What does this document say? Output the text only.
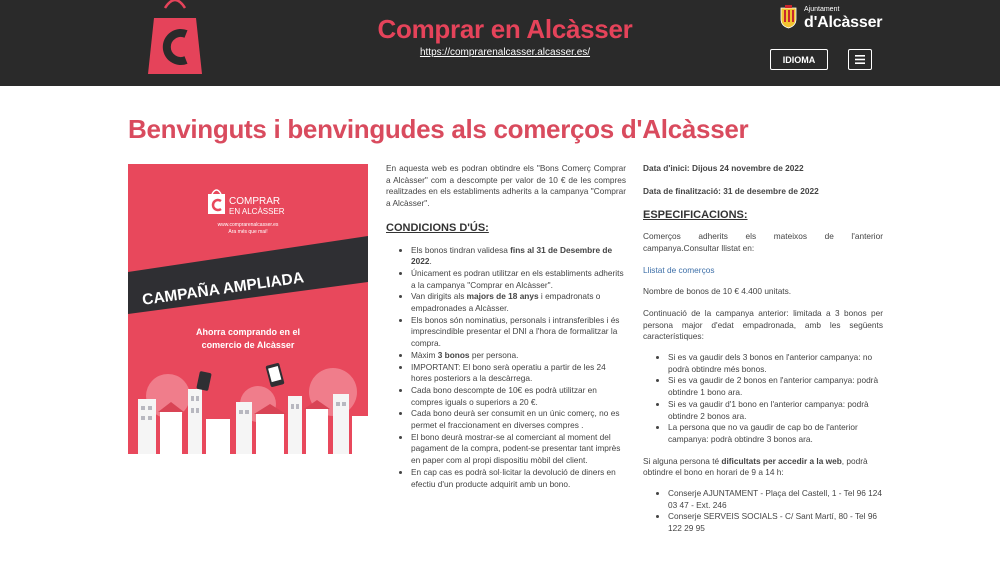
Comprar en Alcàsser
https://comprarenalcasser.alcasser.es/
Ajuntament
d'Alcàsser
IDIOMA
Benvinguts i benvingudes als comerços d'Alcàsser
COMPRAR
EN ALCÀSSER
www.comprarenalcasser.es
Ara més que mai!
CAMPAÑA AMPLIADA
Ahorra comprando en el
comercio de Alcàsser

En aquesta web es podran obtindre els "Bons Comerç Comprar a Alcàsser" com a descompte per valor de 10 € de les compres realitzades en els establiments adherits a la campanya "Comprar a Alcàsser".

CONDICIONS D'ÚS:

• Els bonos tindran validesa fins al 31 de Desembre de 2022.
• Únicament es podran utilitzar en els establiments adherits a la campanya "Comprar en Alcàsser".
• Van dirigits als majors de 18 anys i empadronats o empadronades a Alcàsser.
• Els bonos són nominatius, personals i intransferibles i és imprescindible presentar el DNI a l'hora de formalitzar la compra.
• Màxim 3 bonos per persona.
• IMPORTANT: El bono serà operatiu a partir de les 24 hores posteriors a la descàrrega.
• Cada bono descompte de 10€ es podrà utilitzar en compres iguals o superiors a 20 €.
• Cada bono deurà ser consumit en un únic comerç, no es permet el fraccionament en diverses compres .
• El bono deurà mostrar-se al comerciant al moment del pagament de la compra, podent-se presentar tant imprès en paper com al propi dispositiu mòbil del client.
• En cap cas es podrà sol·licitar la devolució de diners en efectiu d'un producte adquirit amb un bono.

Data d'inici: Dijous 24 novembre de 2022

Data de finalització: 31 de desembre de 2022

ESPECIFICACIONS:

Comerços adherits els mateixos de l'anterior campanya.Consultar llistat en:

Llistat de comerços

Nombre de bonos de 10 € 4.400 unitats.

Continuació de la campanya anterior: limitada a 3 bonos per persona major d'edat empadronada, amb les següents característiques:

• Si es va gaudir dels 3 bonos en l'anterior campanya: no podrà obtindre més bonos.
• Si es va gaudir de 2 bonos en l'anterior campanya: podrà obtindre 1 bono ara.
• Si es va gaudir d'1 bono en l'anterior campanya: podrà obtindre 2 bonos ara.
• La persona que no va gaudir de cap bo de l'anterior campanya: podrà obtindre 3 bonos ara.

Si alguna persona té dificultats per accedir a la web, podrà obtindre el bono en horari de 9 a 14 h:

• Conserje AJUNTAMENT - Plaça del Castell, 1 - Tel 96 124 03 47 - Ext. 246
• Conserje SERVEIS SOCIALS - C/ Sant Martí, 80 - Tel 96 122 29 95
